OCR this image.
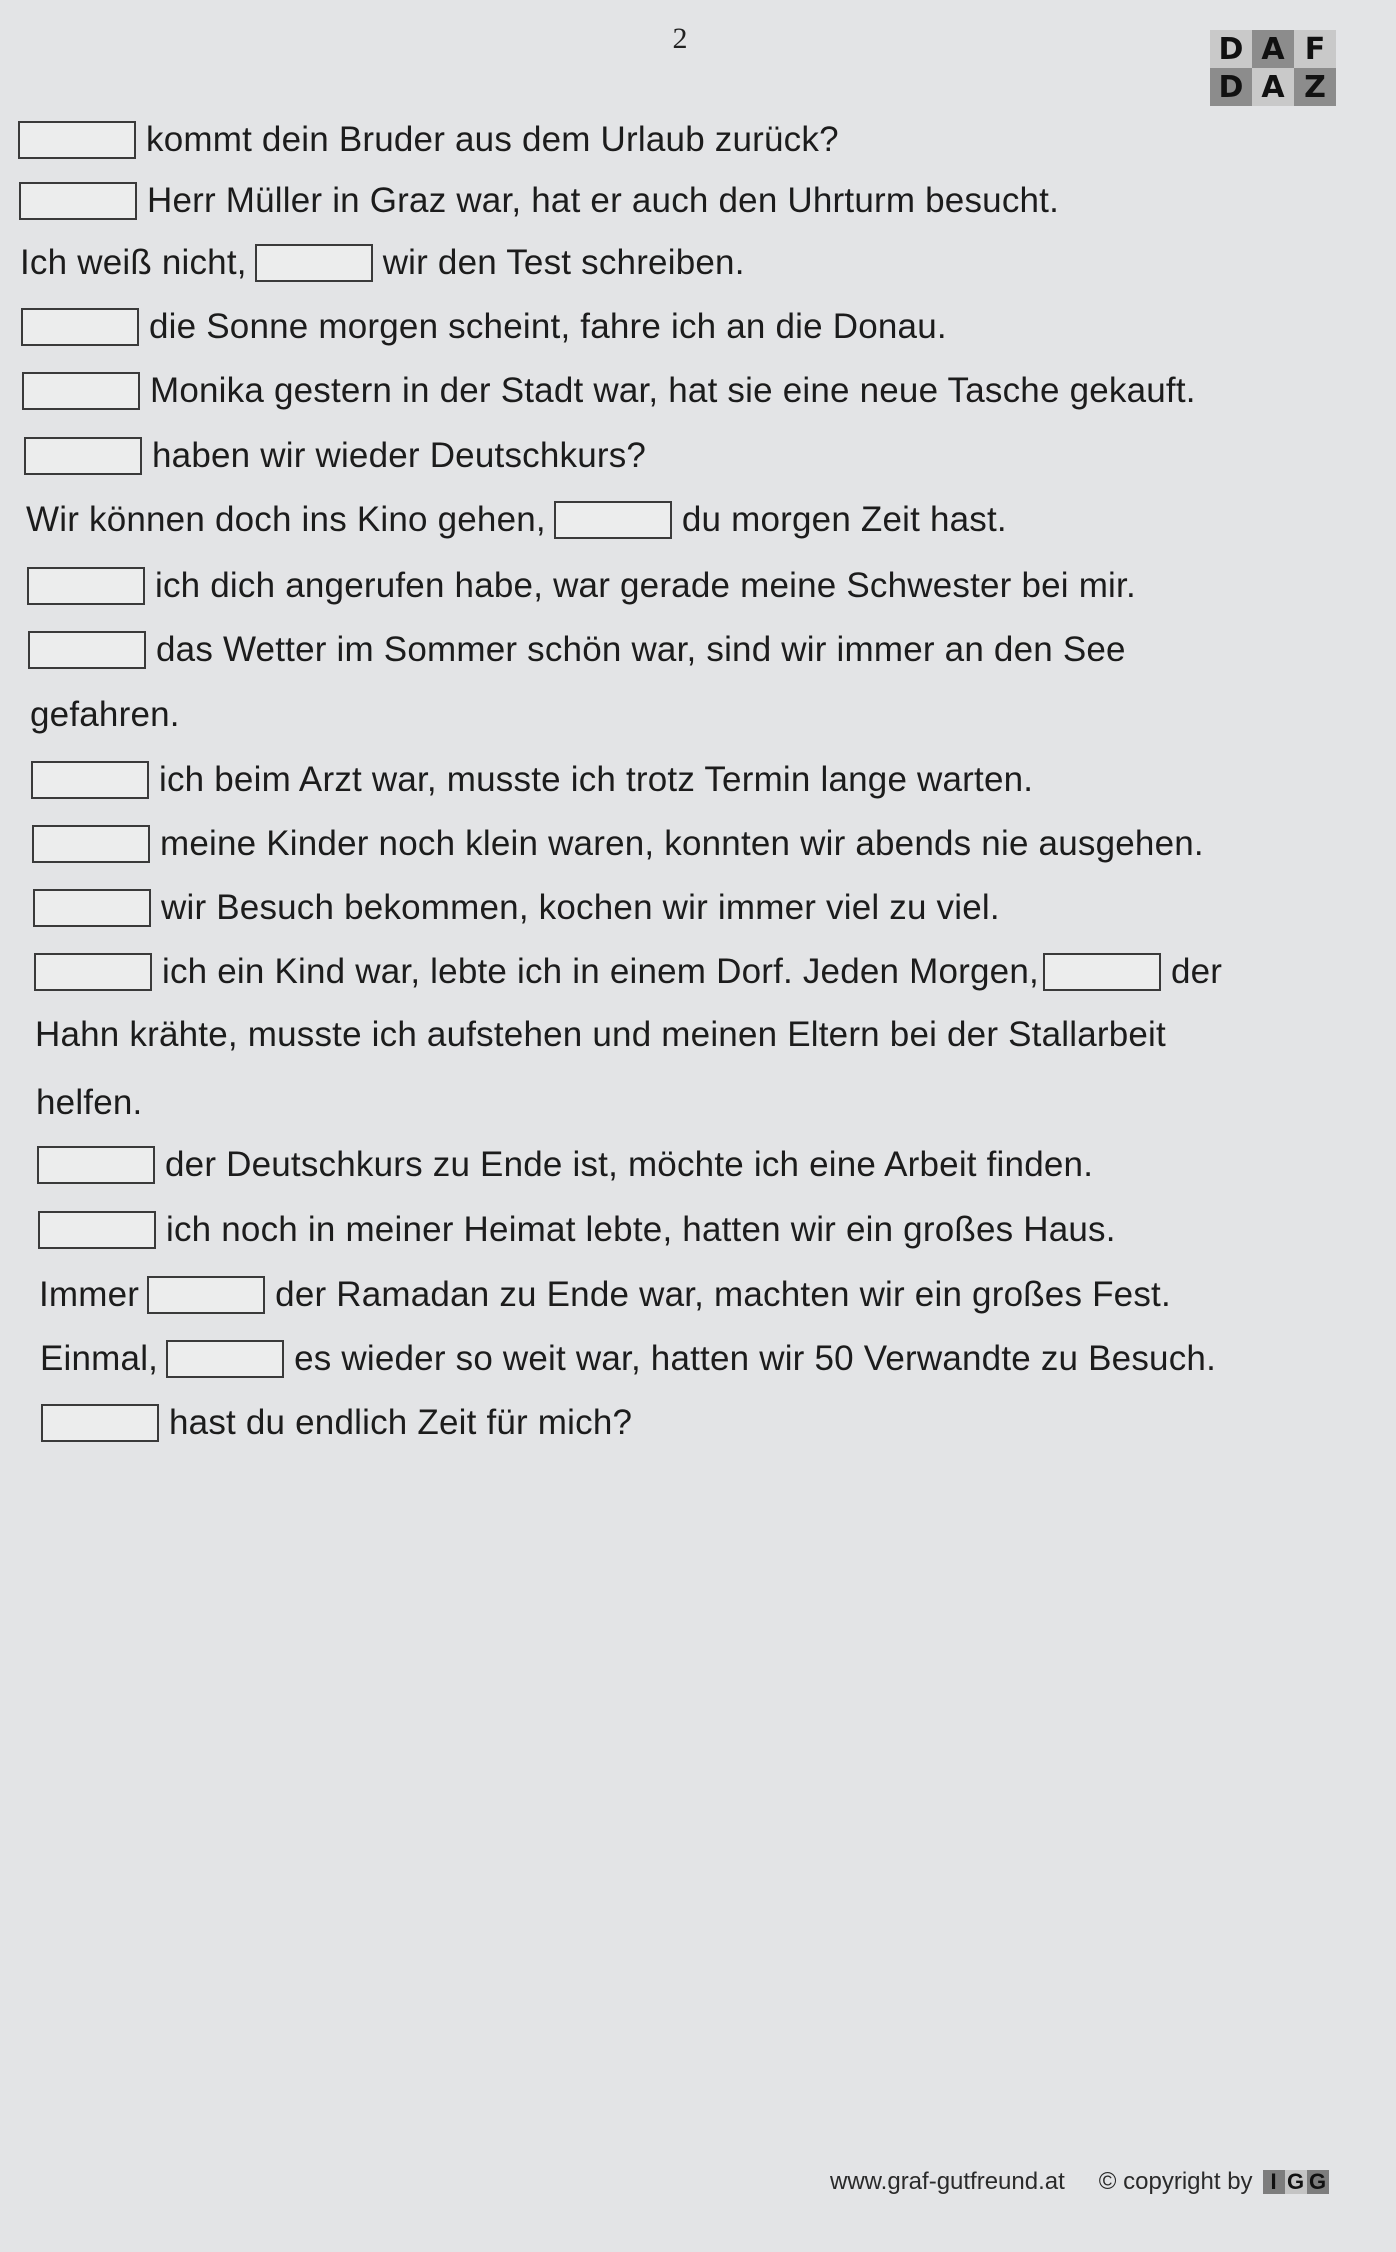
2	D A F
D A Z
kommt dein Bruder aus dem Urlaub zurück?
Herr Müller in Graz war, hat er auch den Uhrturm besucht.
Ich weiß nicht,	wir den Test schreiben.
die Sonne morgen scheint, fahre ich an die Donau.
Monika gestern in der Stadt war, hat sie eine neue Tasche gekauft.
haben wir wieder Deutschkurs?
Wir können doch ins Kino gehen,	du morgen Zeit hast.
ich dich angerufen habe, war gerade meine Schwester bei mir.
das Wetter im Sommer schön war, sind wir immer an den See
gefahren.
ich beim Arzt war, musste ich trotz Termin lange warten.
meine Kinder noch klein waren, konnten wir abends nie ausgehen.
wir Besuch bekommen, kochen wir immer viel zu viel.
ich ein Kind war, lebte ich in einem Dorf. Jeden Morgen,	der
Hahn krähte, musste ich aufstehen und meinen Eltern bei der Stallarbeit
helfen.
der Deutschkurs zu Ende ist, möchte ich eine Arbeit finden.
ich noch in meiner Heimat lebte, hatten wir ein großes Haus.
Immer	der Ramadan zu Ende war, machten wir ein großes Fest.
Einmal,	es wieder so weit war, hatten wir 50 Verwandte zu Besuch.
hast du endlich Zeit für mich?
www.graf-gutfreund.at © copyright by I G G
